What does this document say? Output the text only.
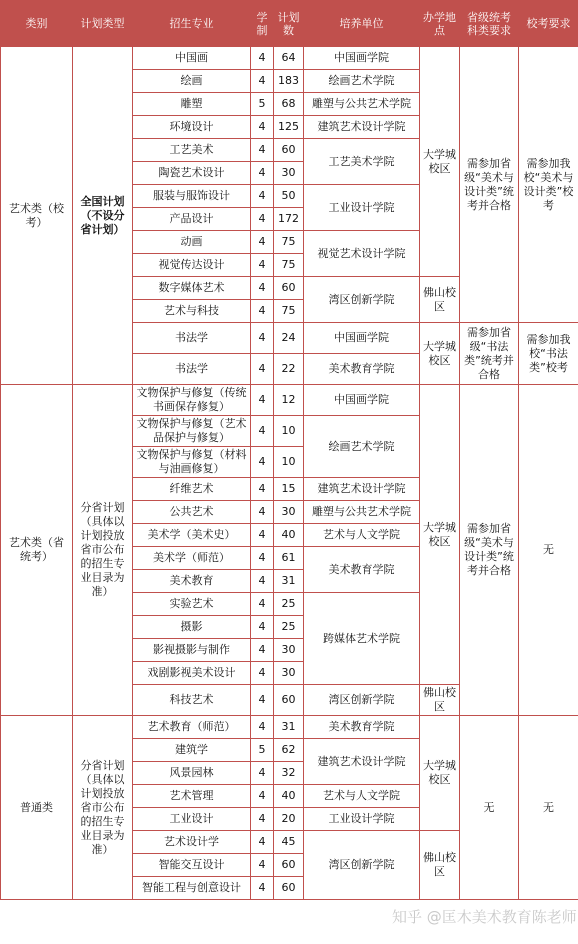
类别	计划类型	招生专业	学制	计划数	培养单位	办学地点	省级统考科类要求	校考要求
艺术类（校考）	全国计划（不设分省计划）	中国画	4	64	中国画学院	大学城校区	需参加省级“美术与设计类”统考并合格	需参加我校“美术与设计类”校考
		绘画	4	183	绘画艺术学院			
		雕塑	5	68	雕塑与公共艺术学院			
		环境设计	4	125	建筑艺术设计学院			
		工艺美术	4	60	工艺美术学院			
		陶瓷艺术设计	4	30				
		服装与服饰设计	4	50	工业设计学院			
		产品设计	4	172				
		动画	4	75	视觉艺术设计学院			
		视觉传达设计	4	75				
		数字媒体艺术	4	60	湾区创新学院	佛山校区		
		艺术与科技	4	75				
		书法学	4	24	中国画学院	大学城校区	需参加省级“书法类”统考并合格	需参加我校“书法类”校考
		书法学	4	22	美术教育学院			
艺术类（省统考）	分省计划（具体以计划投放省市公布的招生专业目录为准）	文物保护与修复（传统书画保存修复）	4	12	中国画学院	大学城校区	需参加省级“美术与设计类”统考并合格	无
		文物保护与修复（艺术品保护与修复）	4	10	绘画艺术学院			
		文物保护与修复（材料与油画修复）	4	10				
		纤维艺术	4	15	建筑艺术设计学院			
		公共艺术	4	30	雕塑与公共艺术学院			
		美术学（美术史）	4	40	艺术与人文学院			
		美术学（师范）	4	61	美术教育学院			
		美术教育	4	31				
		实验艺术	4	25	跨媒体艺术学院			
		摄影	4	25				
		影视摄影与制作	4	30				
		戏剧影视美术设计	4	30				
		科技艺术	4	60	湾区创新学院	佛山校区		
普通类	分省计划（具体以计划投放省市公布的招生专业目录为准）	艺术教育（师范）	4	31	美术教育学院	大学城校区	无	无
		建筑学	5	62	建筑艺术设计学院			
		风景园林	4	32				
		艺术管理	4	40	艺术与人文学院			
		工业设计	4	20	工业设计学院			
		艺术设计学	4	45	湾区创新学院	佛山校区		
		智能交互设计	4	60				
		智能工程与创意设计	4	60				
知乎 @匡木美术教育陈老师
